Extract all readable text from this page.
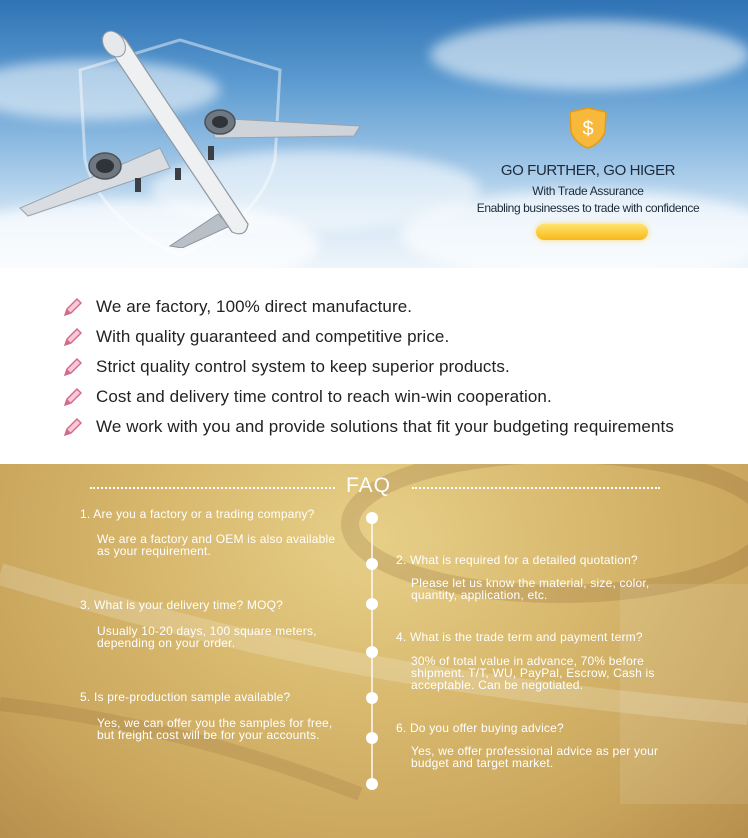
$
GO FURTHER, GO HIGER
With Trade Assurance
Enabling businesses to trade with confidence
We are factory, 100% direct manufacture.
With quality guaranteed and competitive price.
Strict quality control system to keep superior products.
Cost and delivery time control to reach win-win cooperation.
We work with you and provide solutions that fit your budgeting requirements
FAQ
1. Are you a factory or a trading company?
We are a factory and OEM is also available
as your requirement.
2. What is required for a detailed quotation?
Please let us know the material, size, color,
quantity, application, etc.
3. What is your delivery time? MOQ?
Usually 10-20 days, 100 square meters,
depending on your order.	4. What is the trade term and payment term?
30% of total value in advance, 70% before
shipment. T/T, WU, PayPal, Escrow, Cash is
acceptable. Can be negotiated.
5. Is pre-production sample available?
Yes, we can offer you the samples for free,
but freight cost will be for your accounts.	6. Do you offer buying advice?
Yes, we offer professional advice as per your
budget and target market.
